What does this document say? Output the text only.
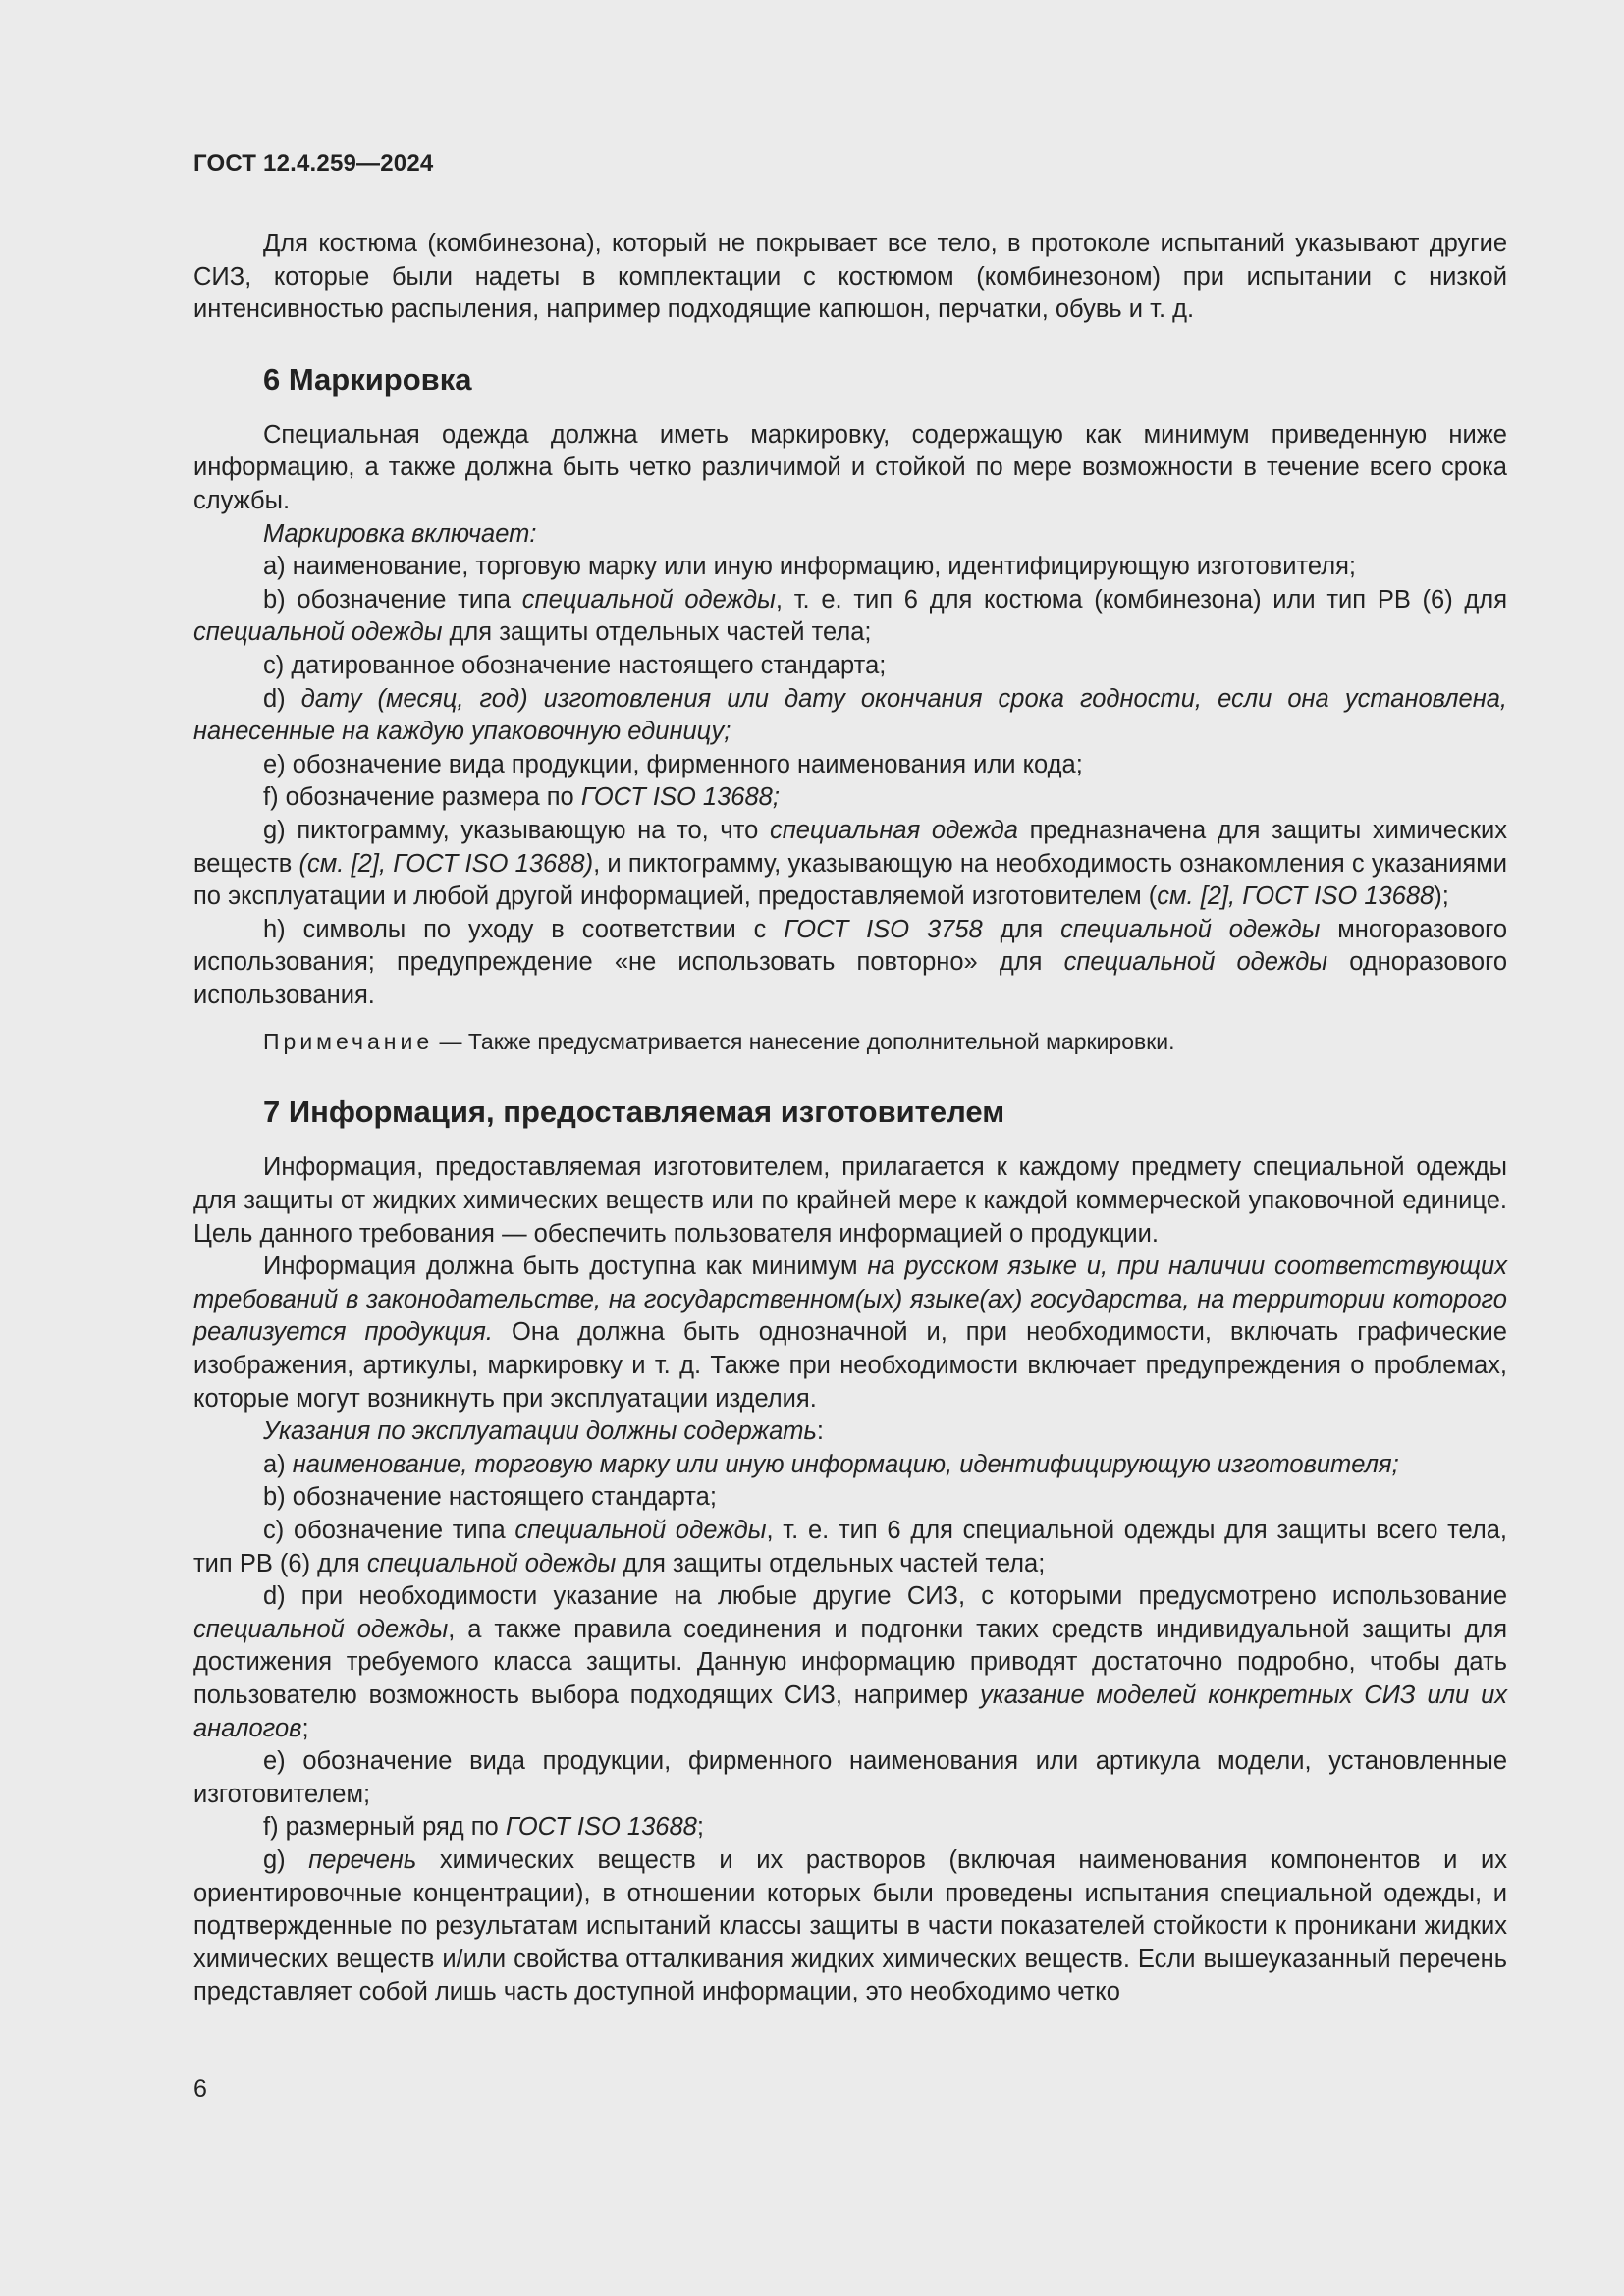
ГОСТ 12.4.259—2024

Для костюма (комбинезона), который не покрывает все тело, в протоколе испытаний указывают другие СИЗ, которые были надеты в комплектации с костюмом (комбинезоном) при испытании с низкой интенсивностью распыления, например подходящие капюшон, перчатки, обувь и т. д.

6 Маркировка

Специальная одежда должна иметь маркировку, содержащую как минимум приведенную ниже информацию, а также должна быть четко различимой и стойкой по мере возможности в течение всего срока службы.

Маркировка включает:

а) наименование, торговую марку или иную информацию, идентифицирующую изготовителя;

b) обозначение типа специальной одежды, т. е. тип 6 для костюма (комбинезона) или тип PB (6) для специальной одежды для защиты отдельных частей тела;

с) датированное обозначение настоящего стандарта;

d) дату (месяц, год) изготовления или дату окончания срока годности, если она установлена, нанесенные на каждую упаковочную единицу;

е) обозначение вида продукции, фирменного наименования или кода;

f) обозначение размера по ГОСТ ISO 13688;

g) пиктограмму, указывающую на то, что специальная одежда предназначена для защиты химических веществ (см. [2], ГОСТ ISO 13688), и пиктограмму, указывающую на необходимость ознакомления с указаниями по эксплуатации и любой другой информацией, предоставляемой изготовителем (см. [2], ГОСТ ISO 13688);

h) символы по уходу в соответствии с ГОСТ ISO 3758 для специальной одежды многоразового использования; предупреждение «не использовать повторно» для специальной одежды одноразового использования.

Примечание — Также предусматривается нанесение дополнительной маркировки.
7 Информация, предоставляемая изготовителем

Информация, предоставляемая изготовителем, прилагается к каждому предмету специальной одежды для защиты от жидких химических веществ или по крайней мере к каждой коммерческой упаковочной единице. Цель данного требования — обеспечить пользователя информацией о продукции.

Информация должна быть доступна как минимум на русском языке и, при наличии соответствующих требований в законодательстве, на государственном(ых) языке(ах) государства, на территории которого реализуется продукция. Она должна быть однозначной и, при необходимости, включать графические изображения, артикулы, маркировку и т. д. Также при необходимости включает предупреждения о проблемах, которые могут возникнуть при эксплуатации изделия.

Указания по эксплуатации должны содержать:

а) наименование, торговую марку или иную информацию, идентифицирующую изготовителя;

b) обозначение настоящего стандарта;

с) обозначение типа специальной одежды, т. е. тип 6 для специальной одежды для защиты всего тела, тип PB (6) для специальной одежды для защиты отдельных частей тела;

d) при необходимости указание на любые другие СИЗ, с которыми предусмотрено использование специальной одежды, а также правила соединения и подгонки таких средств индивидуальной защиты для достижения требуемого класса защиты. Данную информацию приводят достаточно подробно, чтобы дать пользователю возможность выбора подходящих СИЗ, например указание моделей конкретных СИЗ или их аналогов;

е) обозначение вида продукции, фирменного наименования или артикула модели, установленные изготовителем;

f) размерный ряд по ГОСТ ISO 13688;

g) перечень химических веществ и их растворов (включая наименования компонентов и их ориентировочные концентрации), в отношении которых были проведены испытания специальной одежды, и подтвержденные по результатам испытаний классы защиты в части показателей стойкости к проникани жидких химических веществ и/или свойства отталкивания жидких химических веществ. Если вышеуказанный перечень представляет собой лишь часть доступной информации, это необходимо четко

6
